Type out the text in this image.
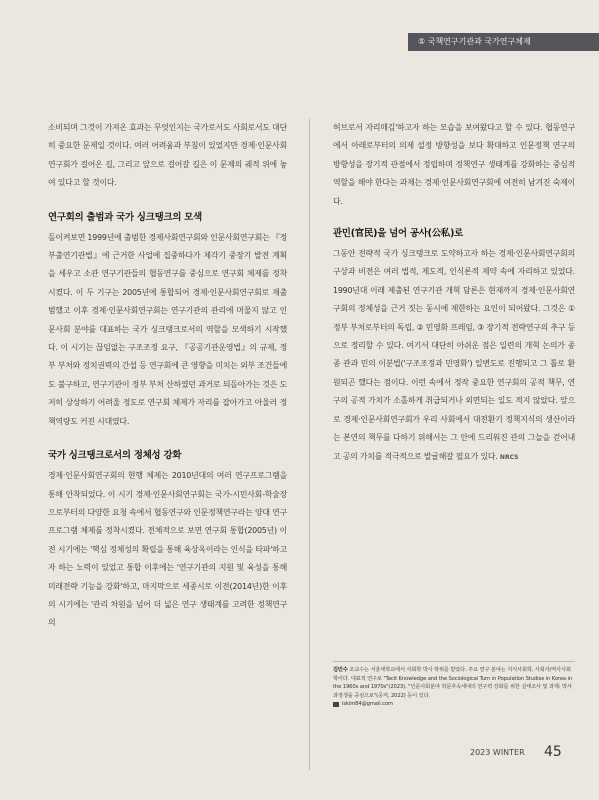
⑤ 국책연구기관과 국가연구체제

소비되며 그것이 가져온 효과는 무엇인지는 국가로서도 사회로서도 대단히 중요한 문제일 것이다. 여러 어려움과 부침이 있었지만 경제·인문사회연구회가 걸어온 길, 그리고 앞으로 걸어갈 길은 이 문제의 궤적 위에 놓여 있다고 할 것이다.

연구회의 출범과 국가 싱크탱크의 모색

돌이켜보면 1999년에 출범한 경제사회연구회와 인문사회연구회는 『정부출연기관법』에 근거한 사업에 집중하다가 제각기 중장기 발전 계획을 세우고 소관 연구기관들의 협동연구를 중심으로 연구회 체제를 정착시켰다. 이 두 기구는 2005년에 통합되어 경제·인문사회연구회로 재출범했고 이후 경제·인문사회연구회는 연구기관의 관리에 머물지 않고 인문사회 분야를 대표하는 국가 싱크탱크로서의 역할을 모색하기 시작했다. 이 시기는 끊임없는 구조조정 요구, 『공공기관운영법』의 규제, 정부 부처와 정치권력의 간섭 등 연구회에 큰 영향을 미치는 외부 조건들에도 불구하고, 연구기관이 정부 부처 산하였던 과거로 되돌아가는 것은 도저히 상상하기 어려울 정도로 연구회 체제가 자리를 잡아가고 아울러 정책역량도 커진 시대였다.

국가 싱크탱크로서의 정체성 강화

경제·인문사회연구회의 현행 체제는 2010년대의 여러 연구프로그램을 통해 안착되었다. 이 시기 경제·인문사회연구회는 국가-시민사회-학술장으로부터의 다양한 요청 속에서 협동연구와 인문정책연구라는 양대 연구프로그램 체제를 정착시켰다. 전체적으로 보면 연구회 통합(2005년) 이전 시기에는 '핵심 정체성의 확립을 통해 육상옥이라는 인식을 타파'하고자 하는 노력이 있었고 통합 이후에는 '연구기관의 지원 및 육성을 통해 미래전략 기능을 강화'하고, 마지막으로 세종시로 이전(2014년)한 이후의 시기에는 '관리 차원을 넘어 더 넓은 연구 생태계를 고려한 정책연구의

허브로서 자리매김'하고자 하는 모습을 보여왔다고 할 수 있다. 협동연구에서 아래로부터의 의제 설정 방향성을 보다 확대하고 인문정책 연구의 방향성을 장기적 관점에서 정립하며 정책연구 생태계를 강화하는 중심적 역할을 해야 한다는 과제는 경제·인문사회연구회에 여전히 남겨진 숙제이다.

관민(官民)을 넘어 공사(公私)로

그동안 전략적 국가 싱크탱크로 도약하고자 하는 경제·인문사회연구회의 구상과 비전은 여러 법적, 제도적, 인식론적 제약 속에 자리하고 있었다. 1990년대 이래 제출된 연구기관 개혁 담론은 현재까지 경제·인문사회연구회의 정체성을 근거 짓는 동시에 제한하는 요인이 되어왔다. 그것은 ① 정부 부처로부터의 독립, ② 민영화 프레임, ③ 장기적 전략연구의 추구 등으로 정리할 수 있다. 여기서 대단히 아쉬운 점은 일련의 개혁 논의가 종종 관과 민의 이분법('구조조정과 민영화') 일변도로 진행되고 그 틀로 환원되곤 했다는 점이다. 이런 속에서 정작 중요한 연구회의 공적 책무, 연구의 공적 가치가 소홀하게 취급되거나 외면되는 일도 적지 않았다. 앞으로 경제·인문사회연구회가 우리 사회에서 대전환기 정책지식의 생산이라는 본연의 책무를 다하기 위해서는 그 안에 드리워진 관의 그늘을 걷어내고 공의 가치를 적극적으로 발굴해갈 필요가 있다. NRCS

김민수 조교수는 서울대학교에서 사회학 박사 학위를 받았다. 주요 연구 분야는 지식사회학, 사회사/역사사회학이다. 대표적 연구로 "Tacit Knowledge and the Sociological Turn in Population Studies in Korea in the 1960s and 1970s"(2023), "인문사회분야 학문후속세대의 연구력 강화를 위한 실태조사 및 과제: 박사과정생을 중심으로"(공저, 2022) 등이 있다.
iskim84@gmail.com
2023 WINTER 45
